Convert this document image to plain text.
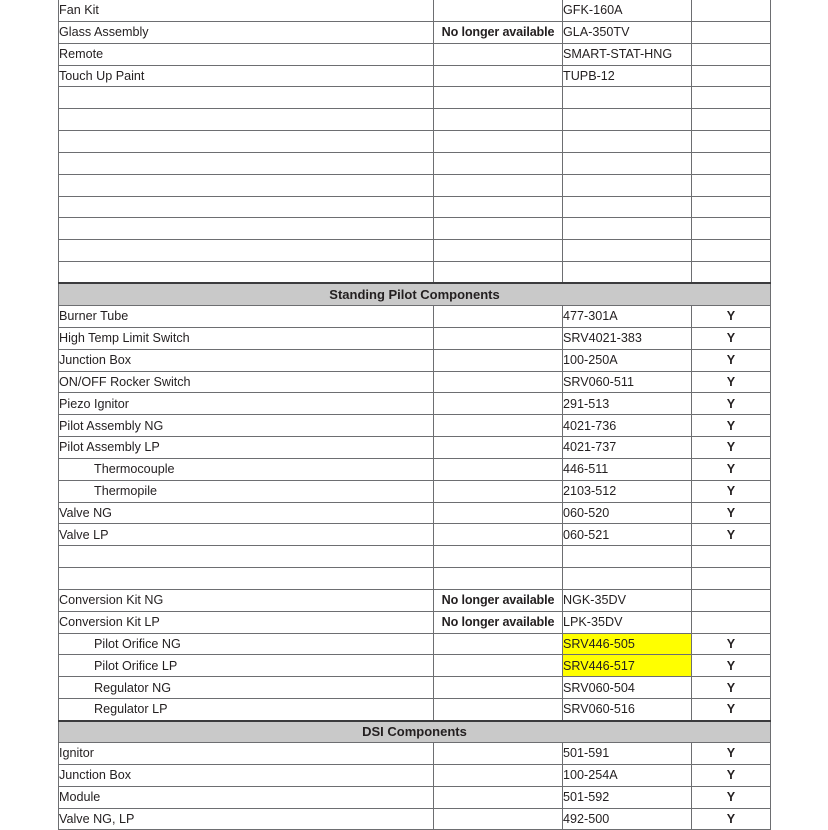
Fan Kit		GFK-160A	
Glass Assembly	No longer available	GLA-350TV	
Remote		SMART-STAT-HNG	
Touch Up Paint		TUPB-12	

Standing Pilot Components			
Burner Tube		477-301A	Y
High Temp Limit Switch		SRV4021-383	Y
Junction Box		100-250A	Y
ON/OFF Rocker Switch		SRV060-511	Y
Piezo Ignitor		291-513	Y
Pilot Assembly NG		4021-736	Y
Pilot Assembly LP		4021-737	Y
Thermocouple		446-511	Y
Thermopile		2103-512	Y
Valve NG		060-520	Y
Valve LP		060-521	Y

Conversion Kit NG	No longer available	NGK-35DV	
Conversion Kit LP	No longer available	LPK-35DV	
Pilot Orifice NG		SRV446-505	Y
Pilot Orifice LP		SRV446-517	Y
Regulator NG		SRV060-504	Y
Regulator LP		SRV060-516	Y
DSI Components			
Ignitor		501-591	Y
Junction Box		100-254A	Y
Module		501-592	Y
Valve NG, LP		492-500	Y
